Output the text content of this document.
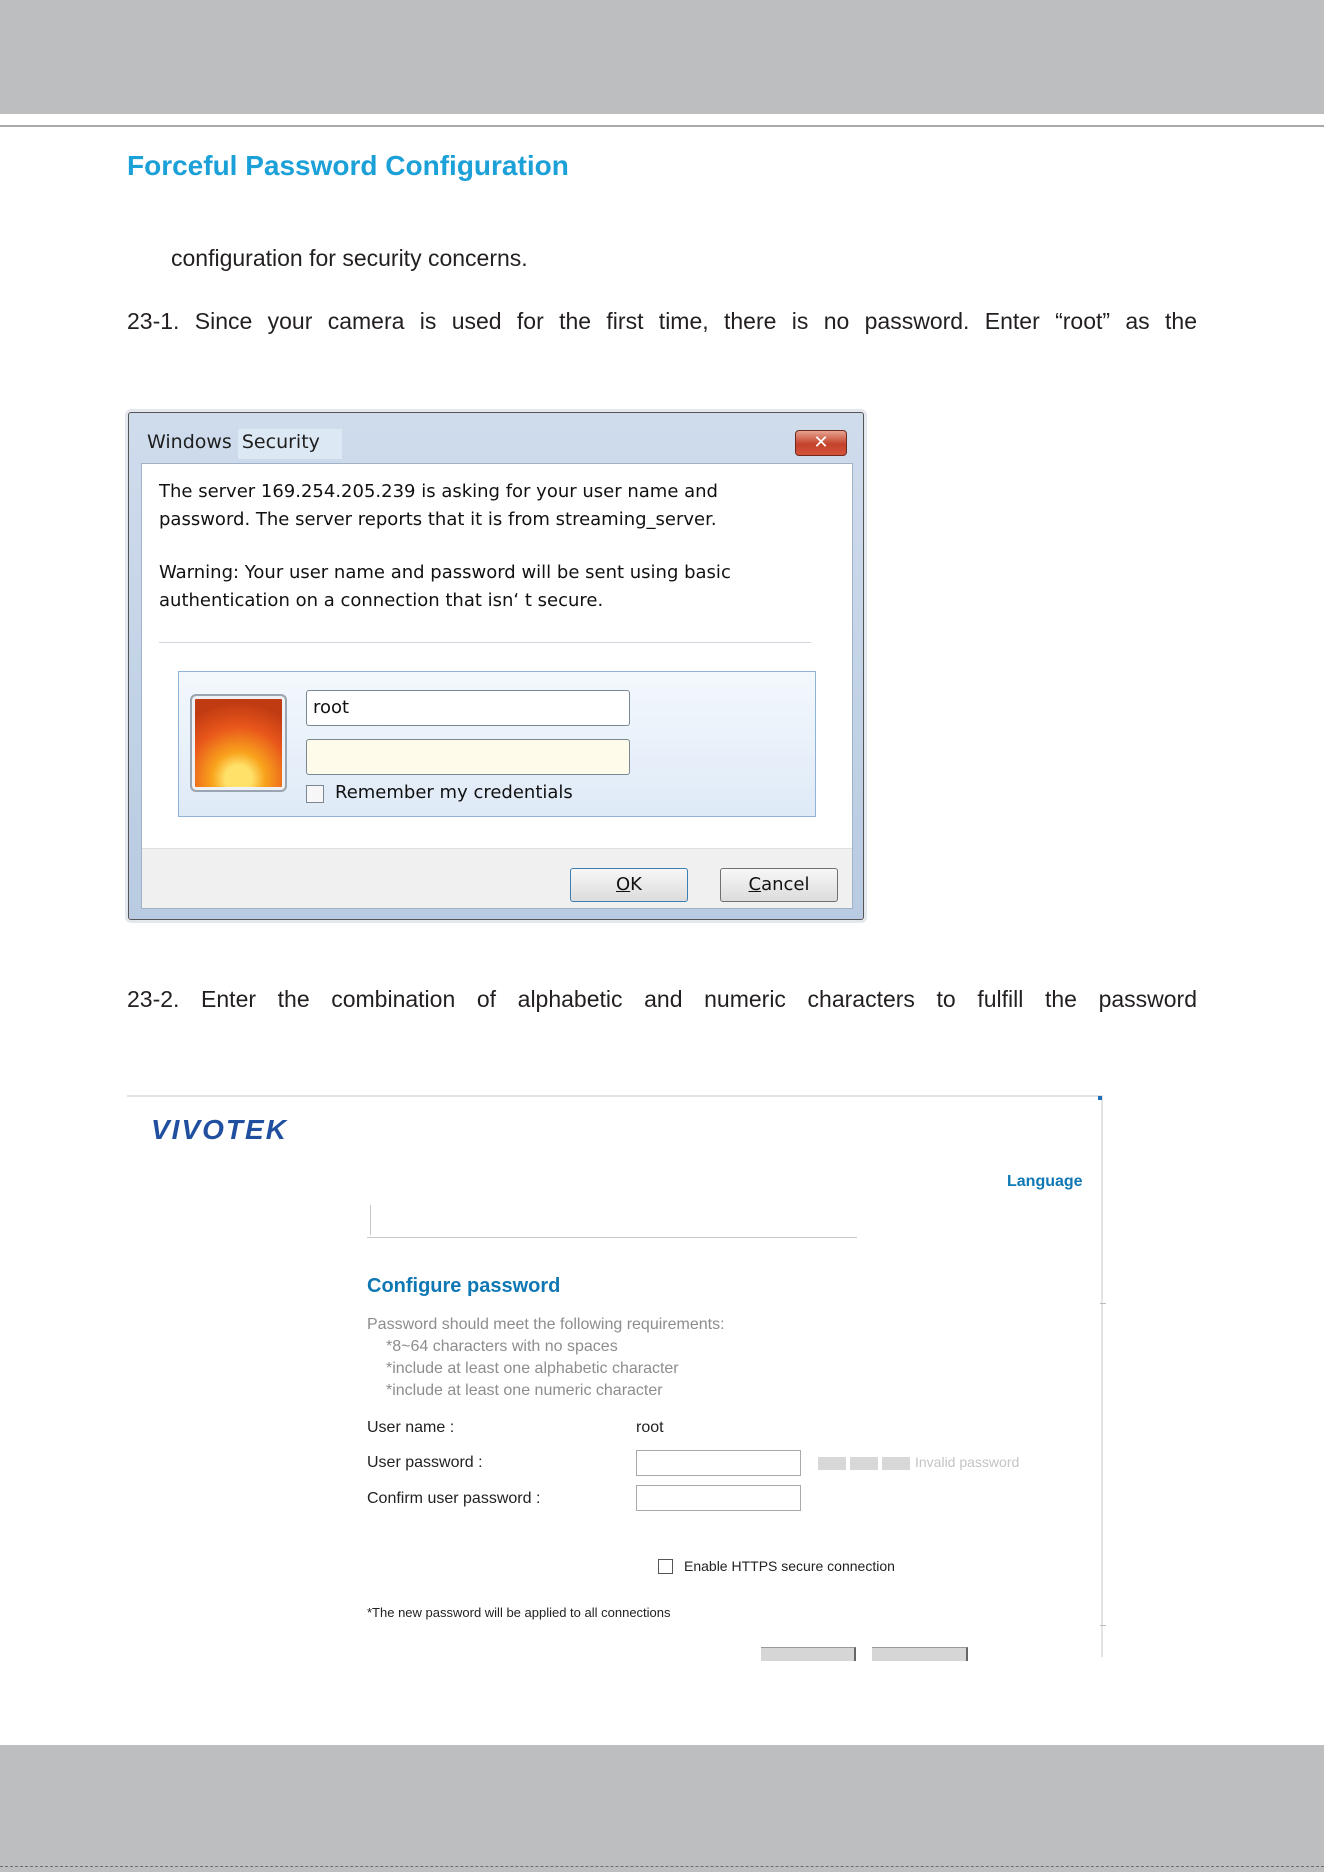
Forceful Password Configuration
configuration for security concerns.
23-1. Since your camera is used for the first time, there is no password. Enter “root” as the
Windows Security	✕
The server 169.254.205.239 is asking for your user name and
password. The server reports that it is from streaming_server.
Warning: Your user name and password will be sent using basic
authentication on a connection that isn‘ t secure.
root
Remember my credentials
OK	Cancel
23-2. Enter the combination of alphabetic and numeric characters to fulfill the password
VIVOTEK
Language
Configure password
Password should meet the following requirements:
*8~64 characters with no spaces
*include at least one alphabetic character
*include at least one numeric character
User name :	root
User password :	Invalid password
Confirm user password :
Enable HTTPS secure connection
*The new password will be applied to all connections
